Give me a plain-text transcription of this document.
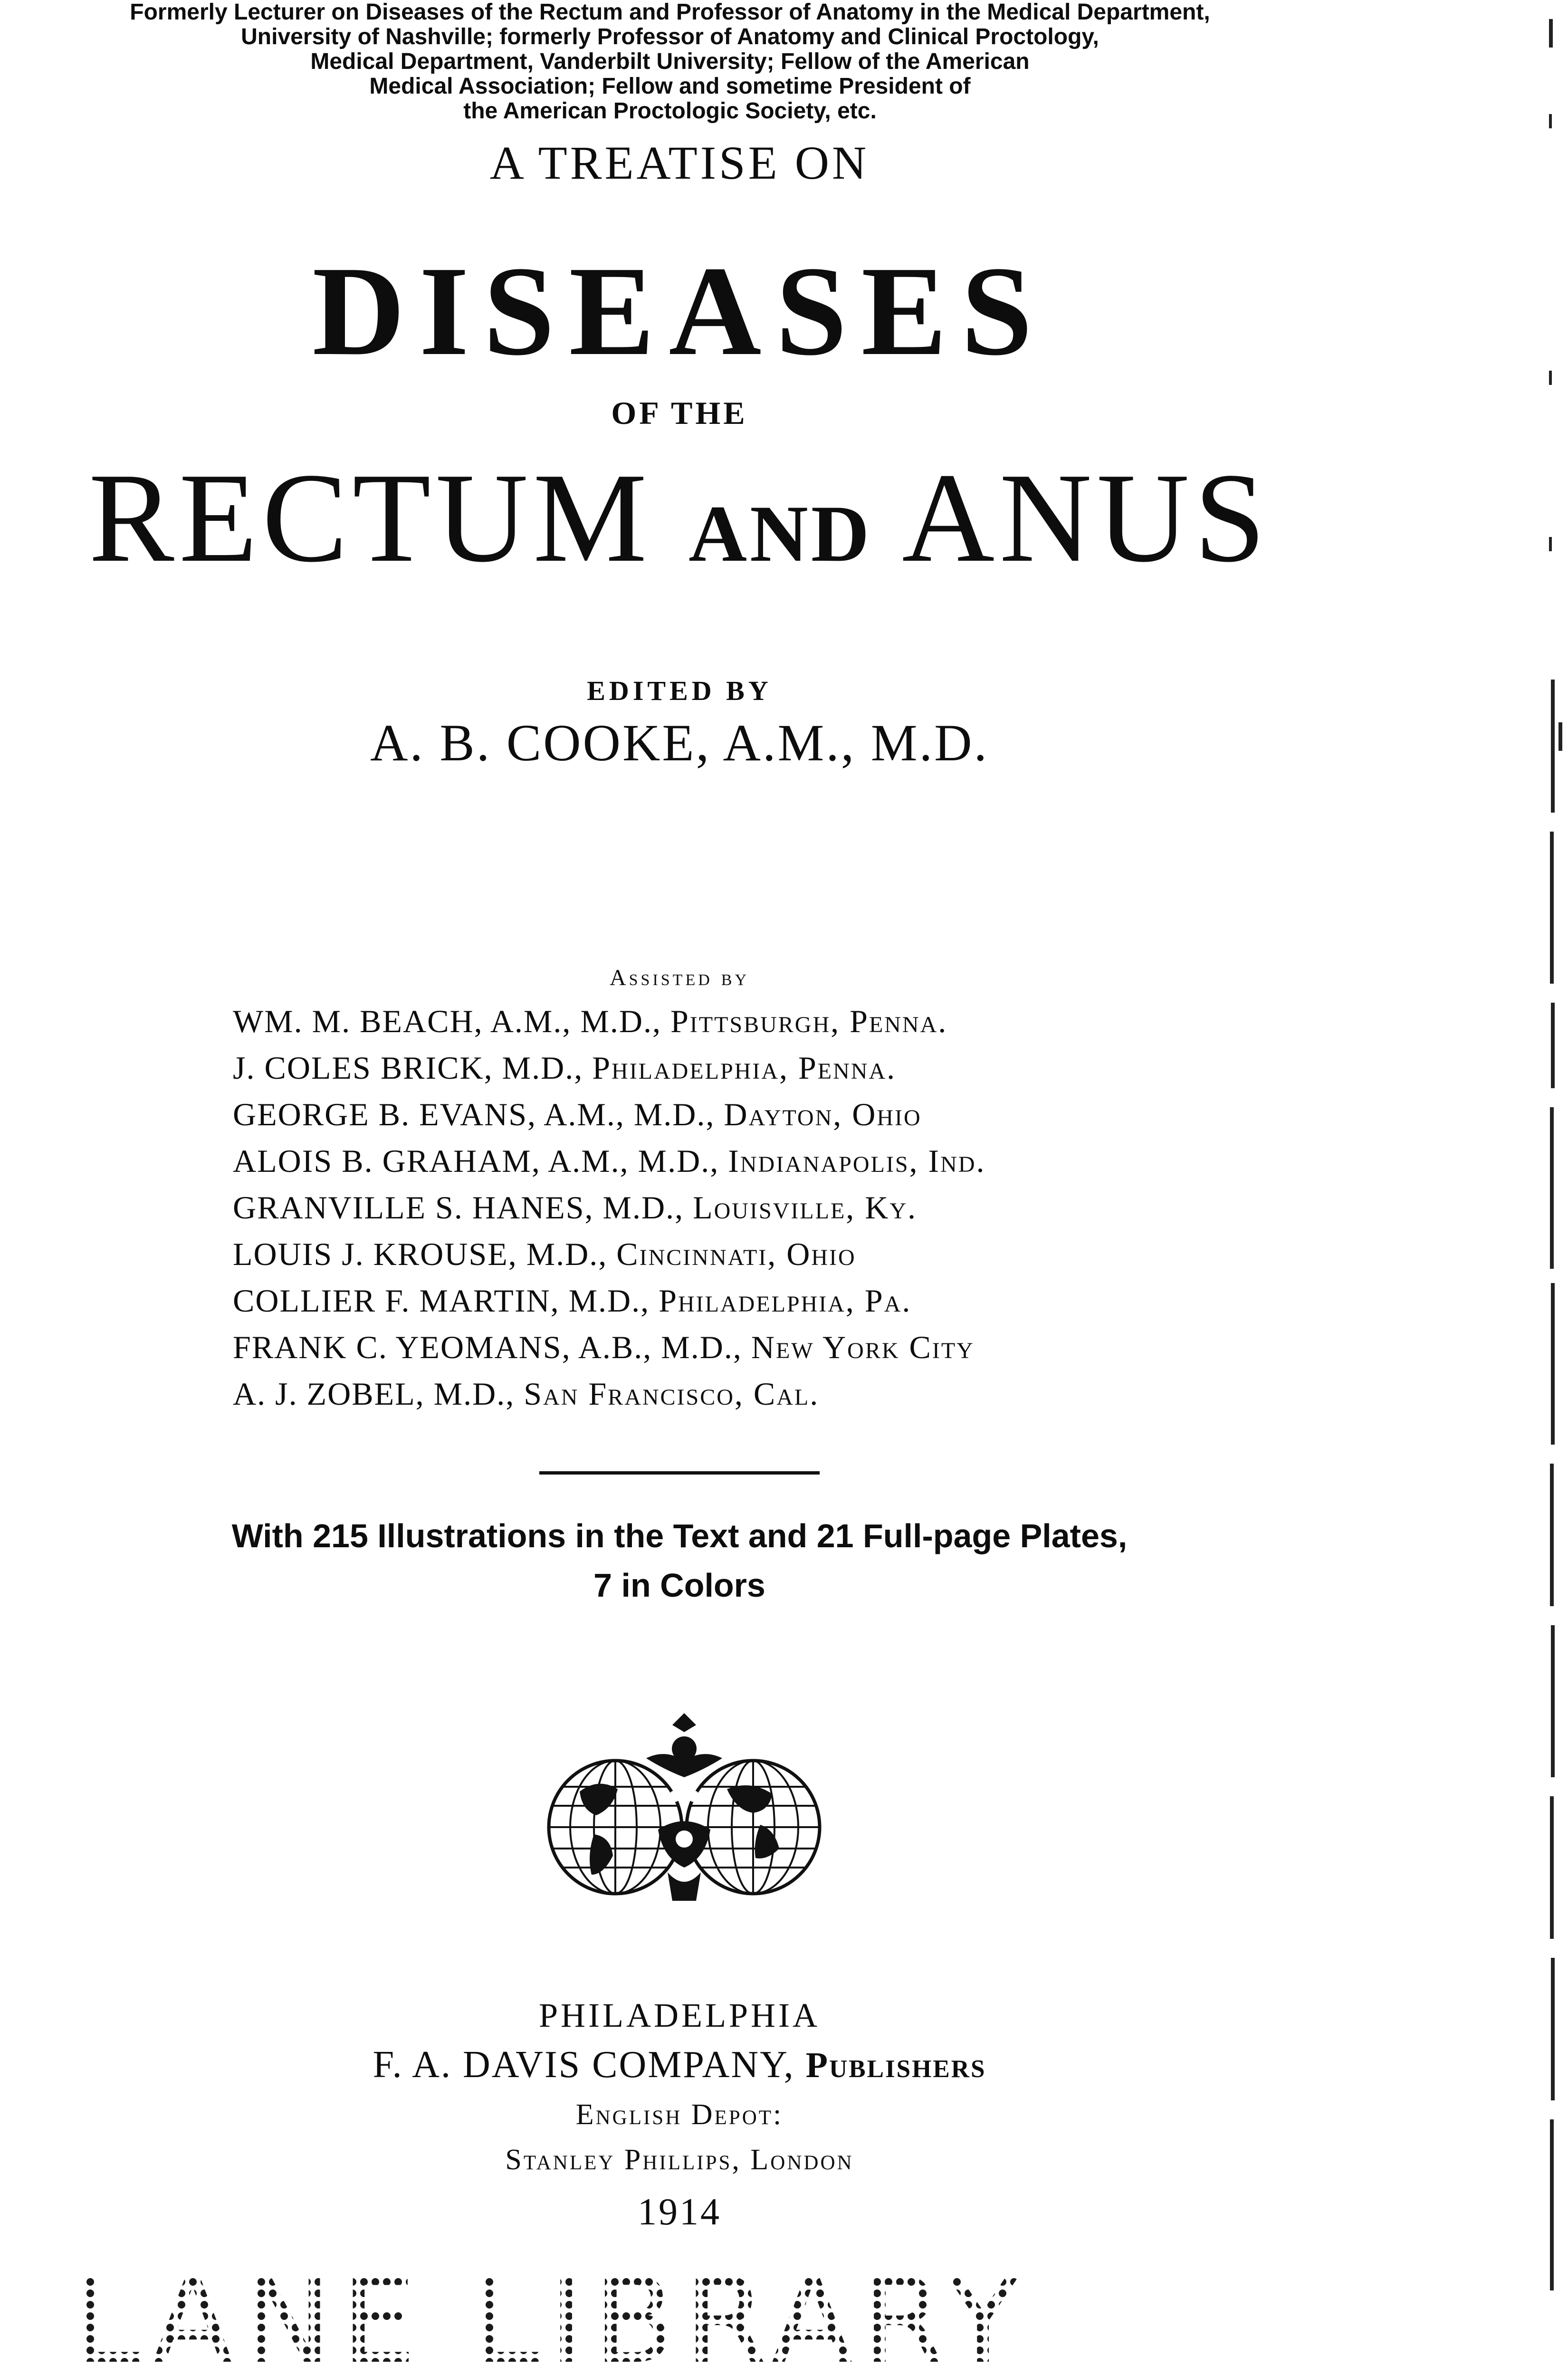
A TREATISE ON
DISEASES
OF THE
RECTUM AND ANUS
EDITED BY
A. B. COOKE, A.M., M.D.
Formerly Lecturer on Diseases of the Rectum and Professor of Anatomy in the Medical Department,
University of Nashville; formerly Professor of Anatomy and Clinical Proctology,
Medical Department, Vanderbilt University; Fellow of the American
Medical Association; Fellow and sometime President of
the American Proctologic Society, etc.
Assisted by
WM. M. BEACH, A.M., M.D., Pittsburgh, Penna.
J. COLES BRICK, M.D., Philadelphia, Penna.
GEORGE B. EVANS, A.M., M.D., Dayton, Ohio
ALOIS B. GRAHAM, A.M., M.D., Indianapolis, Ind.
GRANVILLE S. HANES, M.D., Louisville, Ky.
LOUIS J. KROUSE, M.D., Cincinnati, Ohio
COLLIER F. MARTIN, M.D., Philadelphia, Pa.
FRANK C. YEOMANS, A.B., M.D., New York City
A. J. ZOBEL, M.D., San Francisco, Cal.
With 215 Illustrations in the Text and 21 Full-page Plates,
7 in Colors
PHILADELPHIA
F. A. DAVIS COMPANY, Publishers
English Depot:
Stanley Phillips, London
1914
LANE LIBRARY
